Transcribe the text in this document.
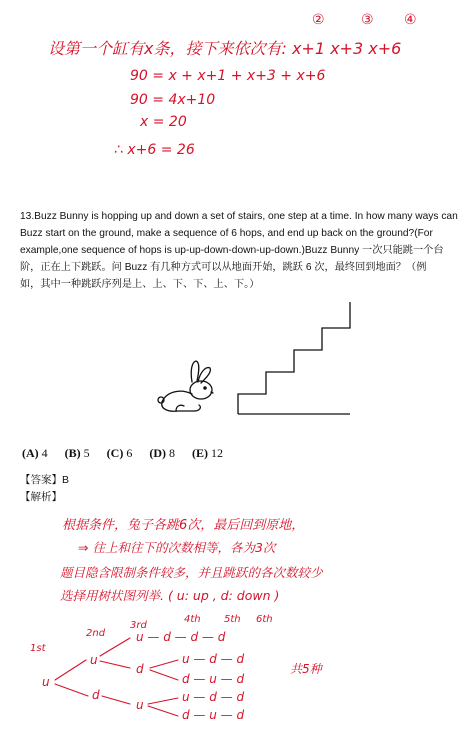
设第一个缸有x条，接下来依次有: x+1 x+3 x+6
②	③ ④
90 = x + x+1 + x+3 + x+6
90 = 4x+10
x = 20
∴ x+6 = 26
13.Buzz Bunny is hopping up and down a set of stairs, one step at a time. In how many ways can
Buzz start on the ground, make a sequence of 6 hops, and end up back on the ground?(For
example,one sequence of hops is up-up-down-down-up-down.)Buzz Bunny 一次只能跳一个台
阶，正在上下跳跃。问 Buzz 有几种方式可以从地面开始，跳跃 6 次，最终回到地面？（例
如，其中一种跳跃序列是上、上、下、下、上、下。）
(A) 4 (B) 5 (C) 6 (D) 8 (E) 12
【答案】B
【解析】
根据条件，兔子各跳6次，最后回到原地，
⇒ 往上和往下的次数相等，各为3次
题目隐含限制条件较多，并且跳跃的各次数较少
选择用树状图列举. ( u: up , d: down )
1st
2nd
3rd
4th 5th 6th
u
u
d
u — d — d — d
u — d — d
d — u — d
u — d — d
d — u — d
d
u
共5种
